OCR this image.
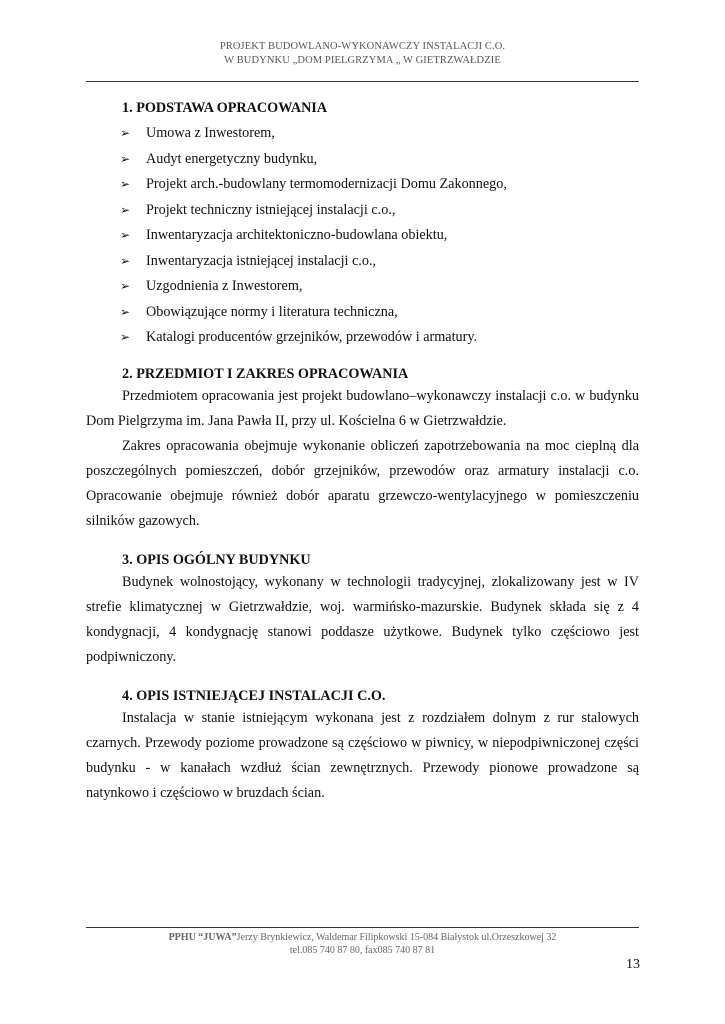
PROJEKT BUDOWLANO-WYKONAWCZY INSTALACJI C.O.
W BUDYNKU „DOM PIELGRZYMA „ W GIETRZWAŁDZIE
1. PODSTAWA OPRACOWANIA
➢ Umowa z Inwestorem,
➢ Audyt energetyczny budynku,
➢ Projekt arch.-budowlany termomodernizacji Domu Zakonnego,
➢ Projekt techniczny istniejącej instalacji c.o.,
➢ Inwentaryzacja architektoniczno-budowlana obiektu,
➢ Inwentaryzacja istniejącej instalacji c.o.,
➢ Uzgodnienia z Inwestorem,
➢ Obowiązujące normy i literatura techniczna,
➢ Katalogi producentów grzejników, przewodów i armatury.
2. PRZEDMIOT I ZAKRES OPRACOWANIA

Przedmiotem opracowania jest projekt budowlano–wykonawczy instalacji c.o. w budynku Dom Pielgrzyma im. Jana Pawła II, przy ul. Kościelna 6 w Gietrzwałdzie.

Zakres opracowania obejmuje wykonanie obliczeń zapotrzebowania na moc cieplną dla poszczególnych pomieszczeń, dobór grzejników, przewodów oraz armatury instalacji c.o. Opracowanie obejmuje również dobór aparatu grzewczo-wentylacyjnego w pomieszczeniu silników gazowych.

3. OPIS OGÓLNY BUDYNKU

Budynek wolnostojący, wykonany w technologii tradycyjnej, zlokalizowany jest w IV strefie klimatycznej w Gietrzwałdzie, woj. warmińsko-mazurskie. Budynek składa się z 4 kondygnacji, 4 kondygnację stanowi poddasze użytkowe. Budynek tylko częściowo jest podpiwniczony.

4. OPIS ISTNIEJĄCEJ INSTALACJI C.O.

Instalacja w stanie istniejącym wykonana jest z rozdziałem dolnym z rur stalowych czarnych. Przewody poziome prowadzone są częściowo w piwnicy, w niepodpiwniczonej części budynku - w kanałach wzdłuż ścian zewnętrznych. Przewody pionowe prowadzone są natynkowo i częściowo w bruzdach ścian.

PPHU “JUWA”Jerzy Brynkiewicz, Waldemar Filipkowski 15-084 Białystok ul.Orzeszkowej 32
tel.085 740 87 80, fax085 740 87 81
13
